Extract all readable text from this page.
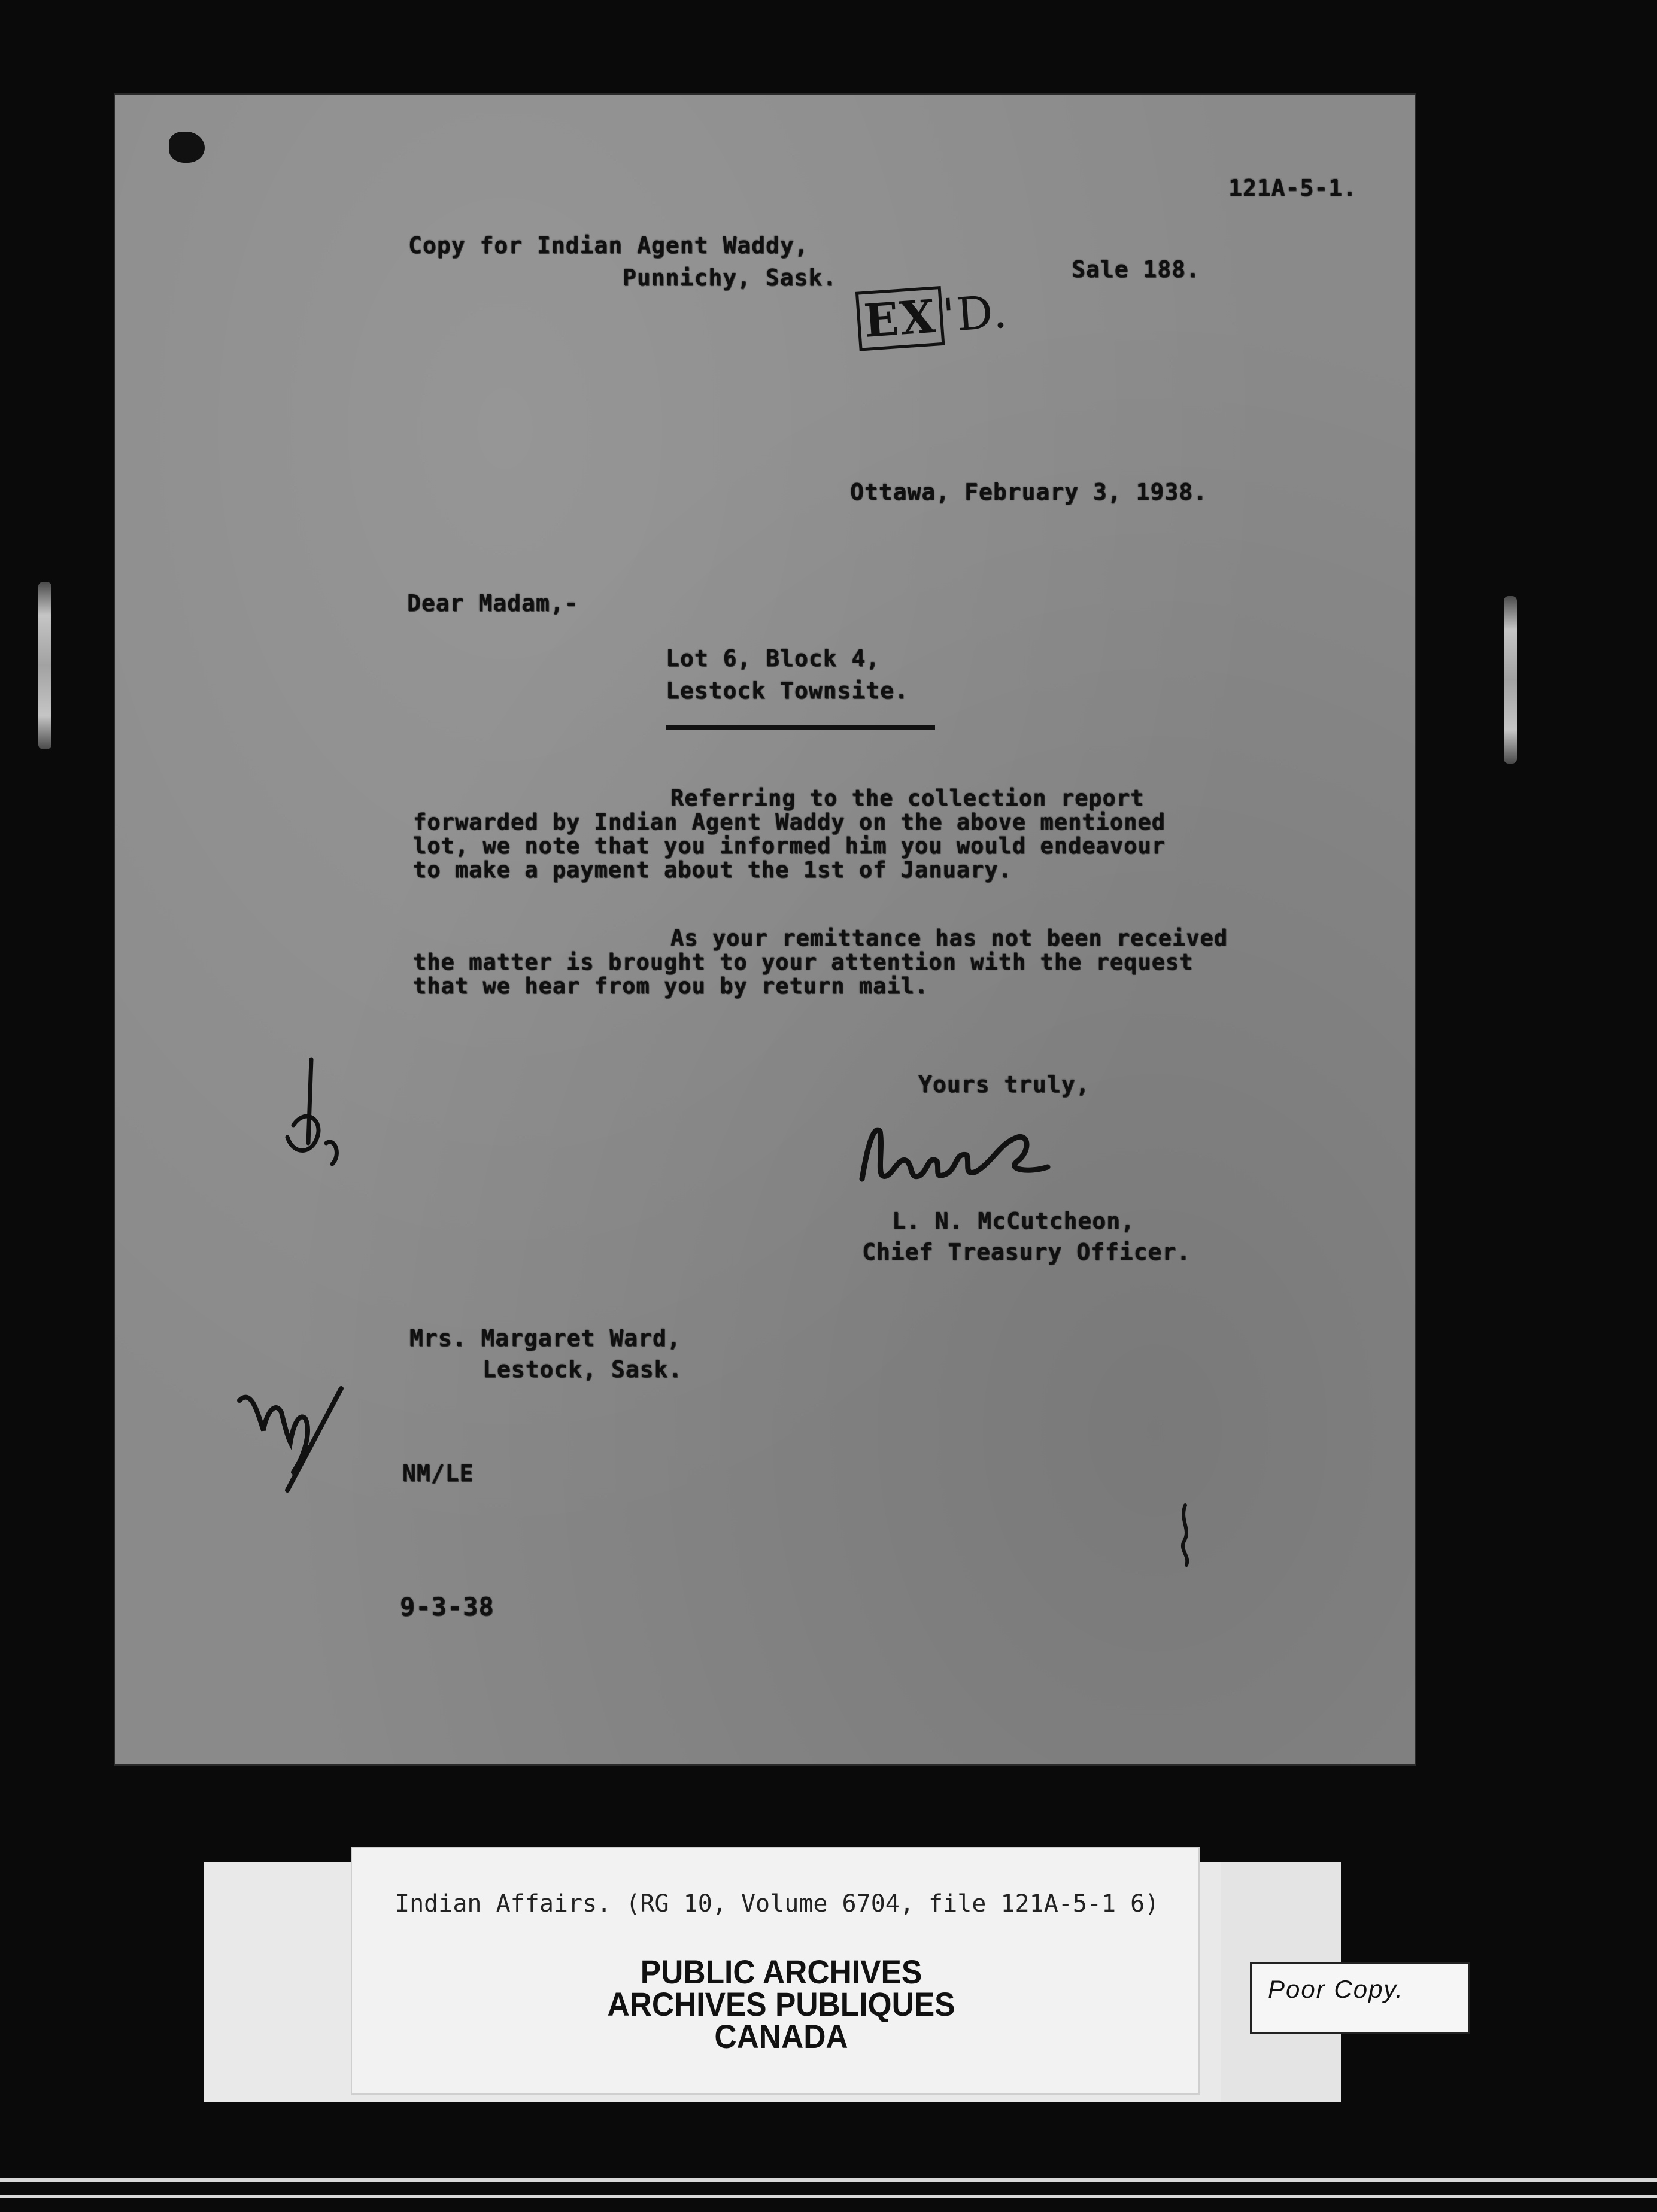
121A-5-1.
Copy for Indian Agent Waddy,
Punnichy, Sask.	Sale 188.
EX'D.
Ottawa, February 3, 1938.
Dear Madam,-
Lot 6, Block 4,
Lestock Townsite.
Referring to the collection report
forwarded by Indian Agent Waddy on the above mentioned
lot, we note that you informed him you would endeavour
to make a payment about the 1st of January.
As your remittance has not been received
the matter is brought to your attention with the request
that we hear from you by return mail.
Yours truly,
L. N. McCutcheon,
Chief Treasury Officer.
Mrs. Margaret Ward,
Lestock, Sask.
NM/LE
9-3-38
Indian Affairs. (RG 10, Volume 6704, file 121A-5-1 6)
PUBLIC ARCHIVES
ARCHIVES PUBLIQUES
CANADA
Poor Copy.
